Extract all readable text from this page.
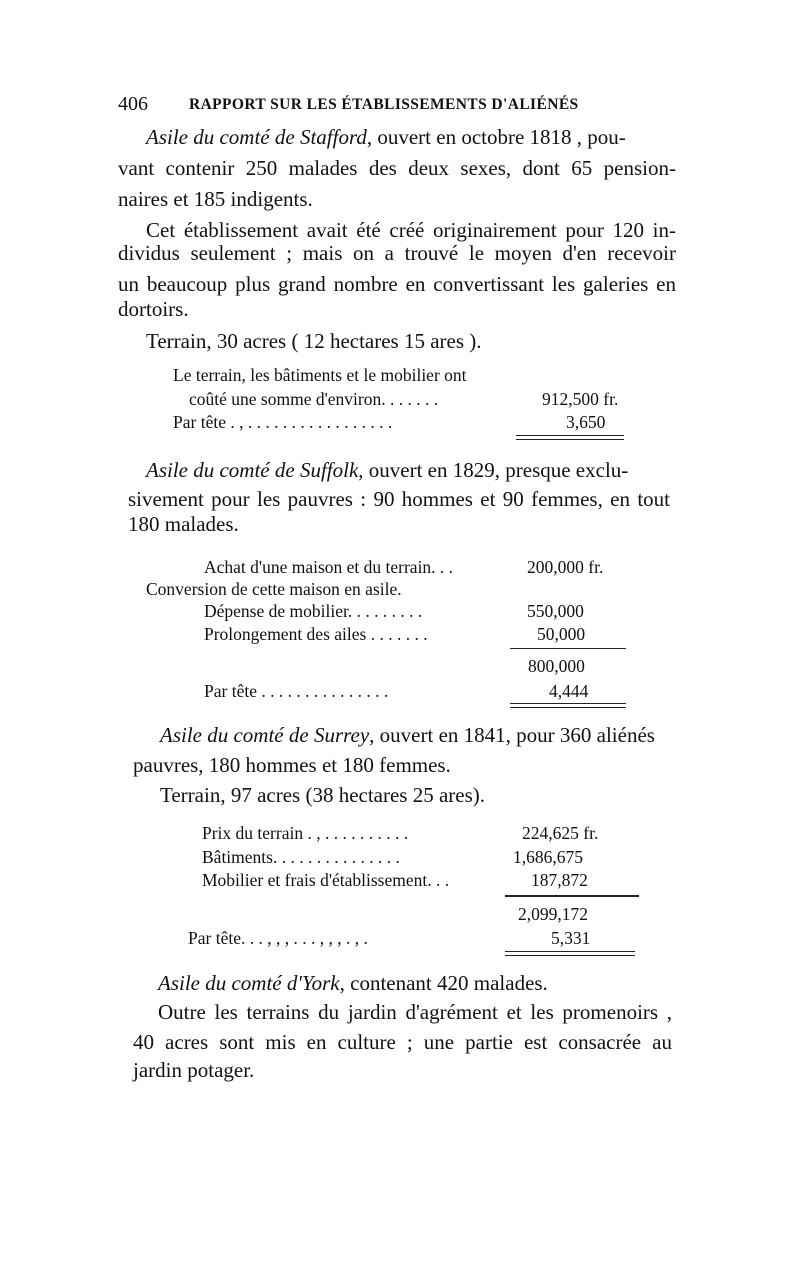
406	RAPPORT SUR LES ÉTABLISSEMENTS D'ALIÉNÉS
Asile du comté de Stafford, ouvert en octobre 1818 , pou-
vant contenir 250 malades des deux sexes, dont 65 pension-
naires et 185 indigents.
Cet établissement avait été créé originairement pour 120 in-
dividus seulement ; mais on a trouvé le moyen d'en recevoir
un beaucoup plus grand nombre en convertissant les galeries en
dortoirs.
Terrain, 30 acres ( 12 hectares 15 ares ).
Le terrain, les bâtiments et le mobilier ont
coûté une somme d'environ. . . . . . .	912,500 fr.
Par tête . , . . . . . . . . . . . . . . . . .	3,650
Asile du comté de Suffolk, ouvert en 1829, presque exclu-
sivement pour les pauvres : 90 hommes et 90 femmes, en tout
180 malades.
Achat d'une maison et du terrain. . .	200,000 fr.
Conversion de cette maison en asile.
Dépense de mobilier. . . . . . . . .	550,000
Prolongement des ailes . . . . . . .	50,000
800,000
Par tête . . . . . . . . . . . . . . .	4,444
Asile du comté de Surrey, ouvert en 1841, pour 360 aliénés
pauvres, 180 hommes et 180 femmes.
Terrain, 97 acres (38 hectares 25 ares).
Prix du terrain . , . . . . . . . . . .	224,625 fr.
Bâtiments. . . . . . . . . . . . . . .	1,686,675
Mobilier et frais d'établissement. . .	187,872
2,099,172
Par tête. . . , , , . . . , , , . , .	5,331
Asile du comté d'York, contenant 420 malades.
Outre les terrains du jardin d'agrément et les promenoirs ,
40 acres sont mis en culture ; une partie est consacrée au
jardin potager.
